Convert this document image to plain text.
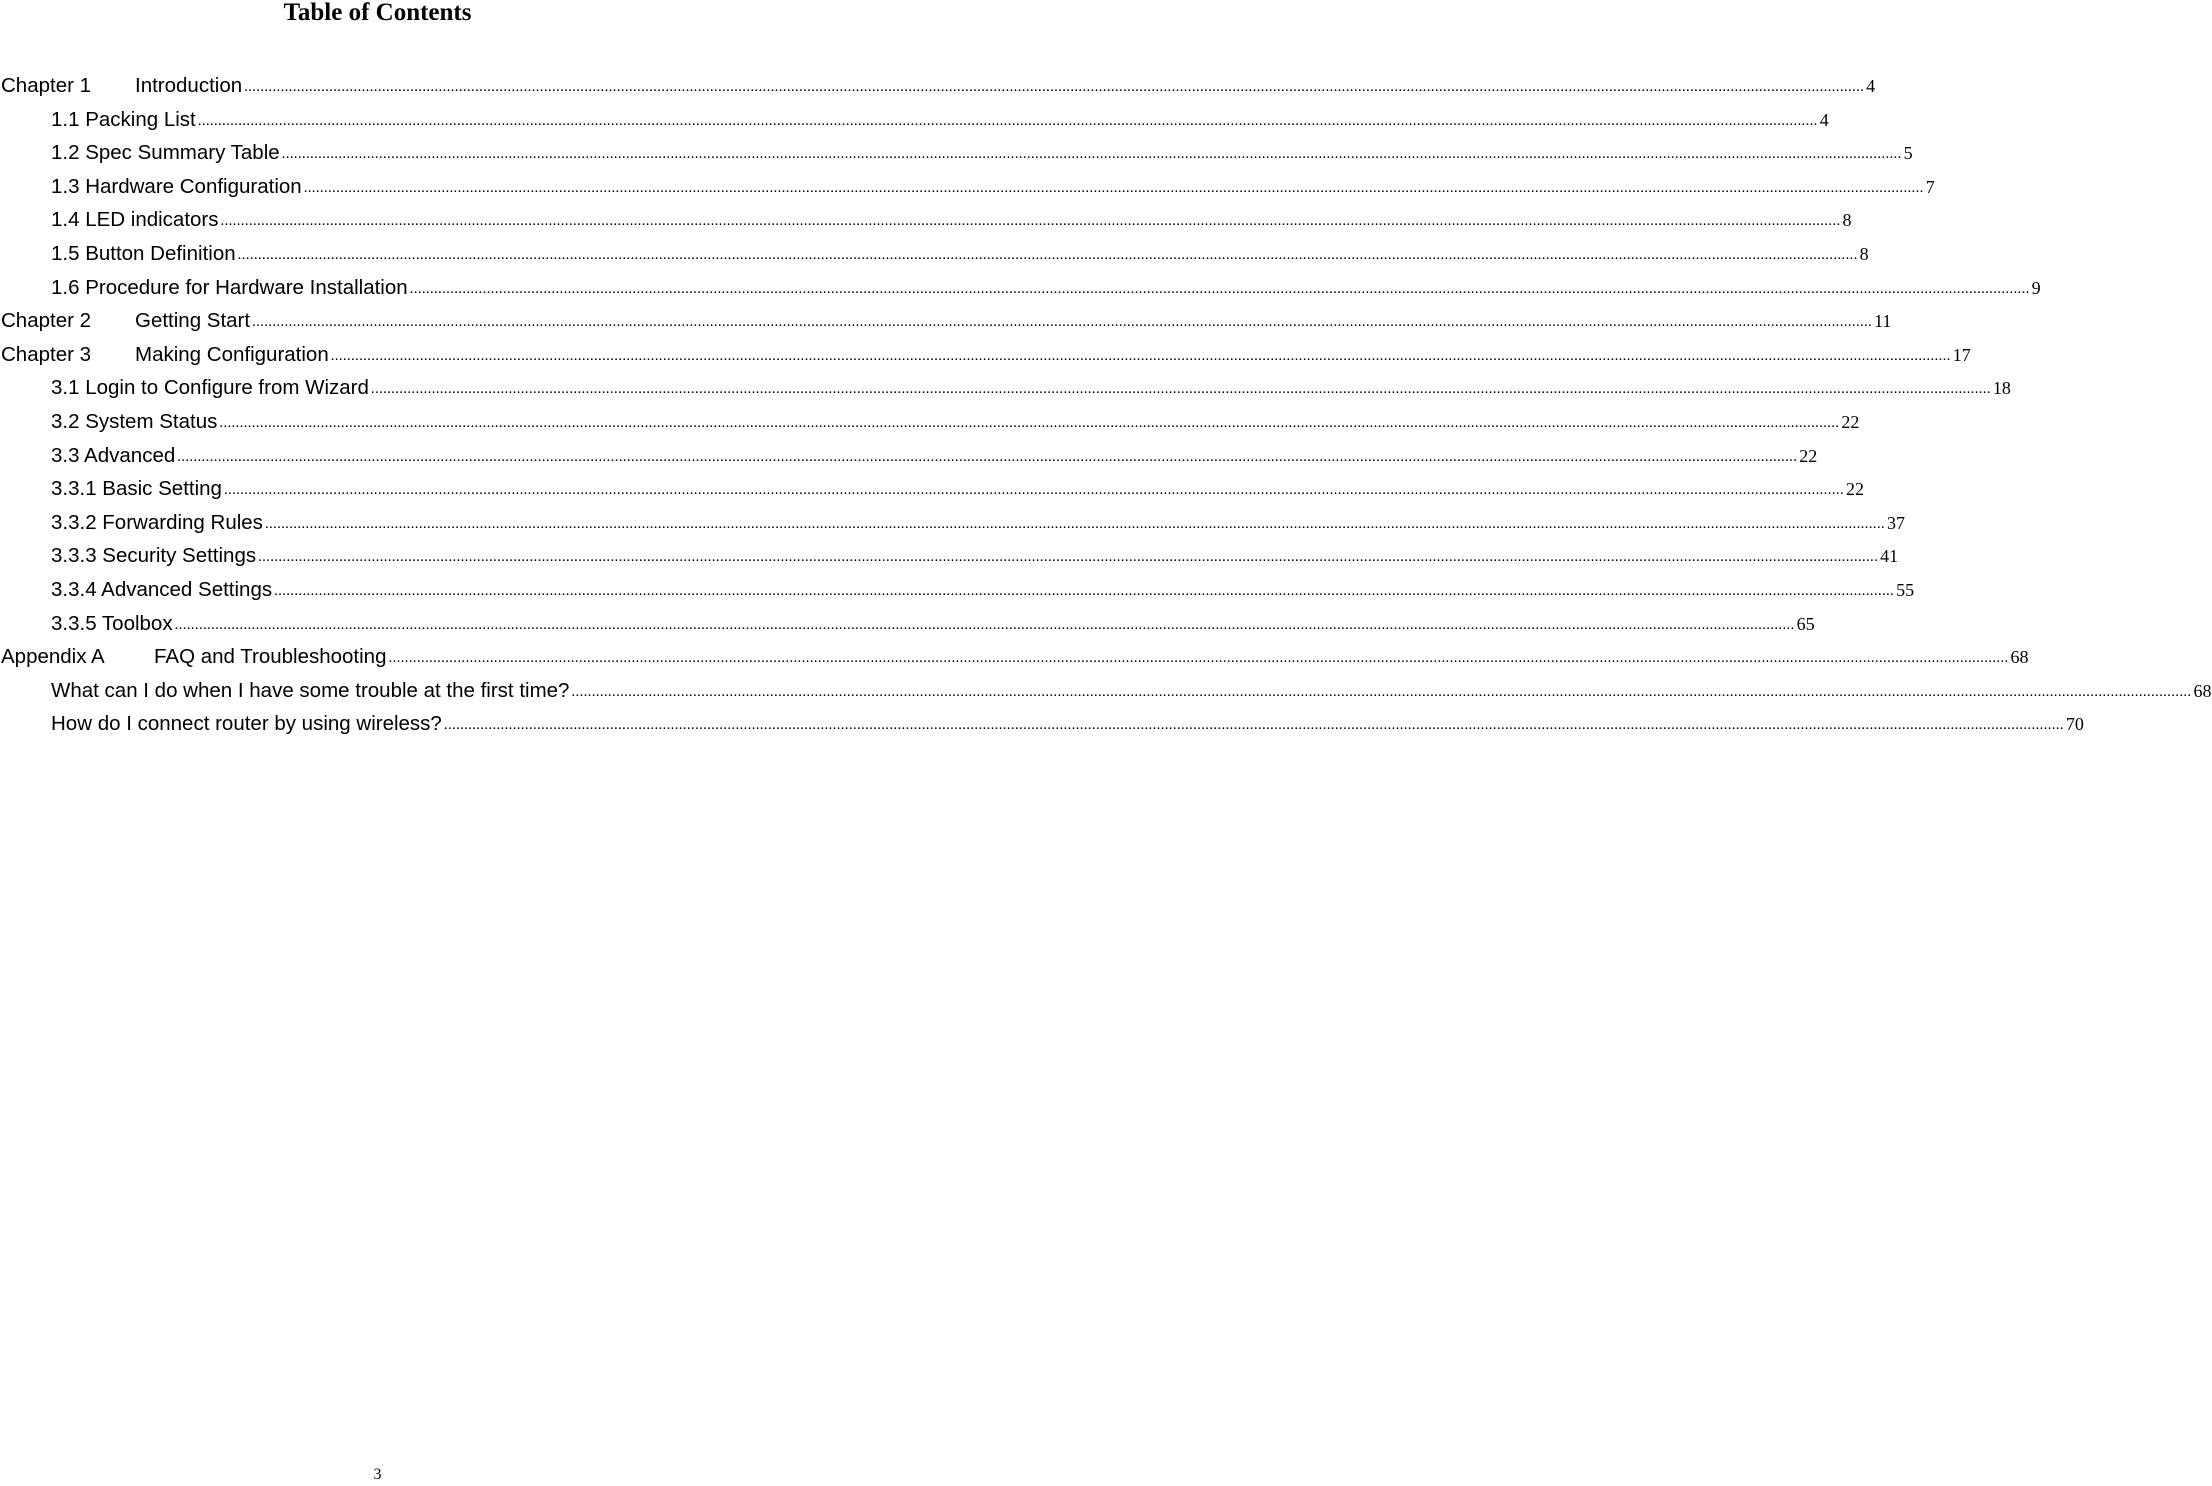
Table of Contents
Chapter 1 Introduction ................................................................................................................................................................................................................................................................................................................................................................................................................ 4
1.1 Packing List ................................................................................................................................................................................................................................................................................................................................................................................................................ 4
1.2 Spec Summary Table ................................................................................................................................................................................................................................................................................................................................................................................................................ 5
1.3 Hardware Configuration ................................................................................................................................................................................................................................................................................................................................................................................................................ 7
1.4 LED indicators ................................................................................................................................................................................................................................................................................................................................................................................................................ 8
1.5 Button Definition ................................................................................................................................................................................................................................................................................................................................................................................................................ 8
1.6 Procedure for Hardware Installation ................................................................................................................................................................................................................................................................................................................................................................................................................ 9
Chapter 2 Getting Start ................................................................................................................................................................................................................................................................................................................................................................................................................ 11
Chapter 3 Making Configuration ................................................................................................................................................................................................................................................................................................................................................................................................................ 17
3.1 Login to Configure from Wizard ................................................................................................................................................................................................................................................................................................................................................................................................................ 18
3.2 System Status ................................................................................................................................................................................................................................................................................................................................................................................................................ 22
3.3 Advanced ................................................................................................................................................................................................................................................................................................................................................................................................................ 22
3.3.1 Basic Setting ................................................................................................................................................................................................................................................................................................................................................................................................................ 22
3.3.2 Forwarding Rules ................................................................................................................................................................................................................................................................................................................................................................................................................ 37
3.3.3 Security Settings ................................................................................................................................................................................................................................................................................................................................................................................................................ 41
3.3.4 Advanced Settings ................................................................................................................................................................................................................................................................................................................................................................................................................ 55
3.3.5 Toolbox ................................................................................................................................................................................................................................................................................................................................................................................................................ 65
Appendix A FAQ and Troubleshooting ................................................................................................................................................................................................................................................................................................................................................................................................................ 68
What can I do when I have some trouble at the first time? ................................................................................................................................................................................................................................................................................................................................................................................................................ 68
How do I connect router by using wireless? ................................................................................................................................................................................................................................................................................................................................................................................................................ 70
3
